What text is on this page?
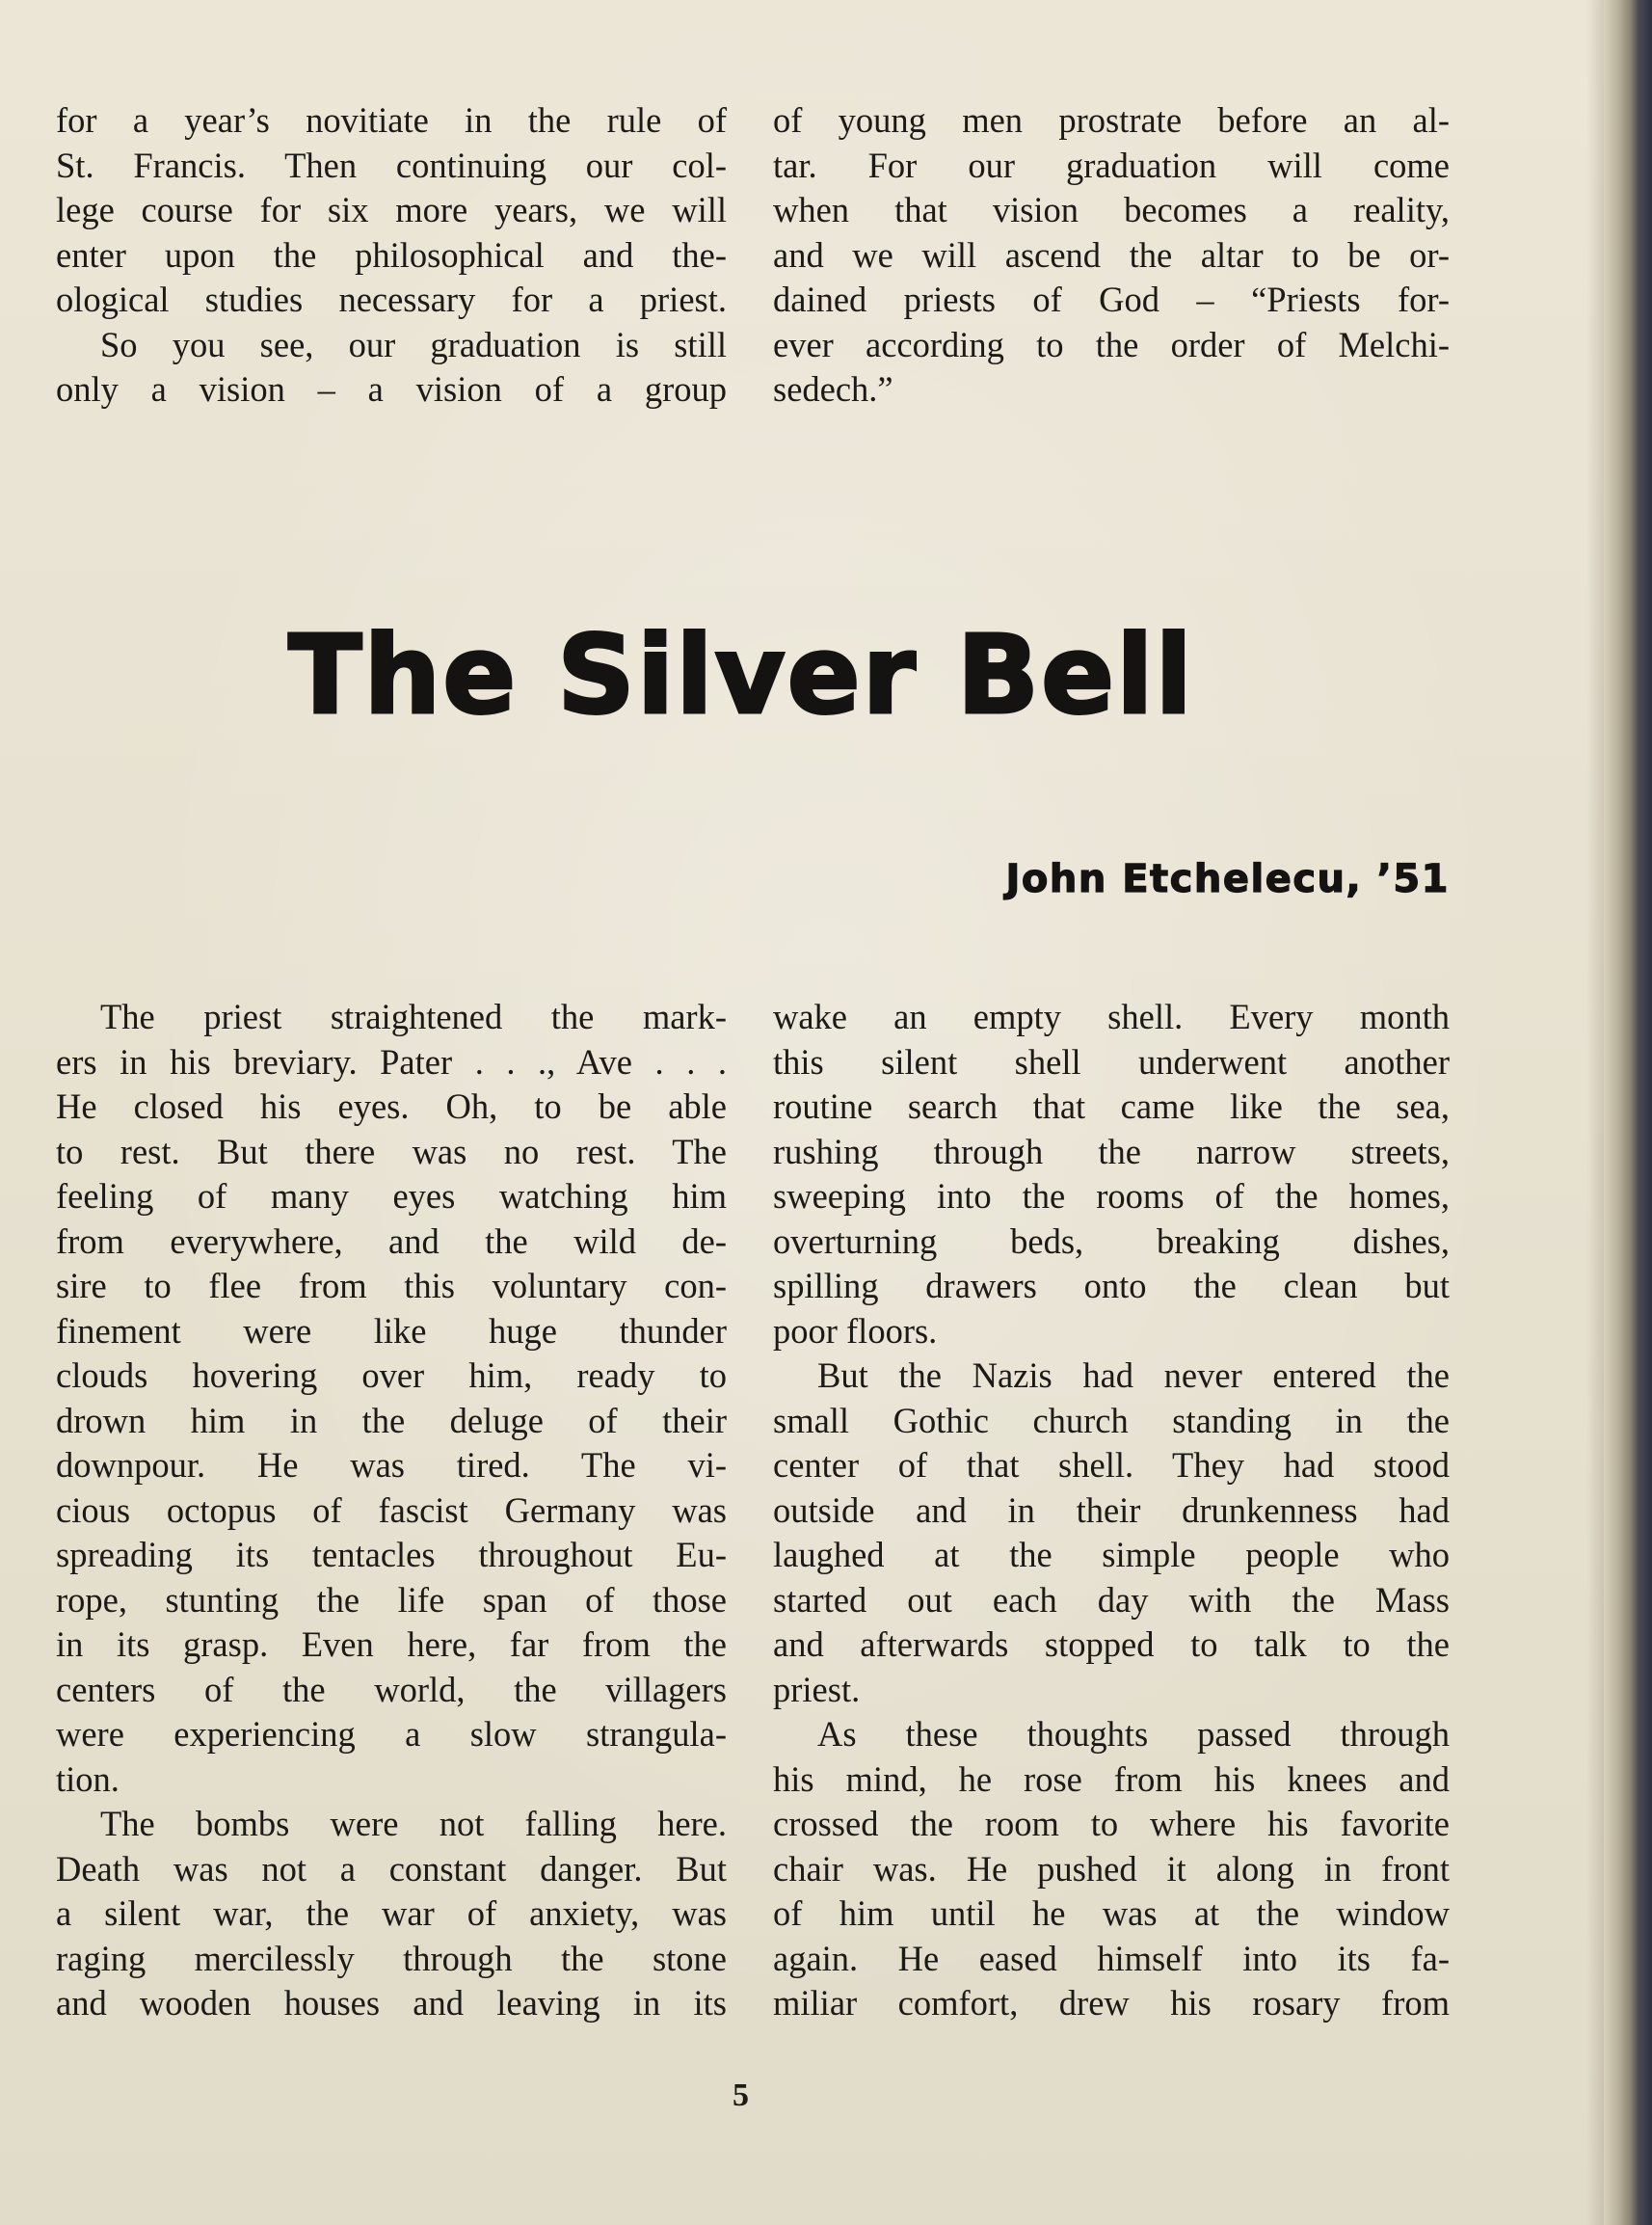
for a year’s novitiate in the rule of
St. Francis. Then continuing our col-
lege course for six more years, we will
enter upon the philosophical and the-
ological studies necessary for a priest.
So you see, our graduation is still
only a vision – a vision of a group
of young men prostrate before an al-
tar. For our graduation will come
when that vision becomes a reality,
and we will ascend the altar to be or-
dained priests of God – “Priests for-
ever according to the order of Melchi-
sedech.”
The Silver Bell
John Etchelecu, ’51
The priest straightened the mark-
ers in his breviary. Pater . . ., Ave . . .
He closed his eyes. Oh, to be able
to rest. But there was no rest. The
feeling of many eyes watching him
from everywhere, and the wild de-
sire to flee from this voluntary con-
finement were like huge thunder
clouds hovering over him, ready to
drown him in the deluge of their
downpour. He was tired. The vi-
cious octopus of fascist Germany was
spreading its tentacles throughout Eu-
rope, stunting the life span of those
in its grasp. Even here, far from the
centers of the world, the villagers
were experiencing a slow strangula-
tion.
The bombs were not falling here.
Death was not a constant danger. But
a silent war, the war of anxiety, was
raging mercilessly through the stone
and wooden houses and leaving in its
wake an empty shell. Every month
this silent shell underwent another
routine search that came like the sea,
rushing through the narrow streets,
sweeping into the rooms of the homes,
overturning beds, breaking dishes,
spilling drawers onto the clean but
poor floors.
But the Nazis had never entered the
small Gothic church standing in the
center of that shell. They had stood
outside and in their drunkenness had
laughed at the simple people who
started out each day with the Mass
and afterwards stopped to talk to the
priest.
As these thoughts passed through
his mind, he rose from his knees and
crossed the room to where his favorite
chair was. He pushed it along in front
of him until he was at the window
again. He eased himself into its fa-
miliar comfort, drew his rosary from
5
